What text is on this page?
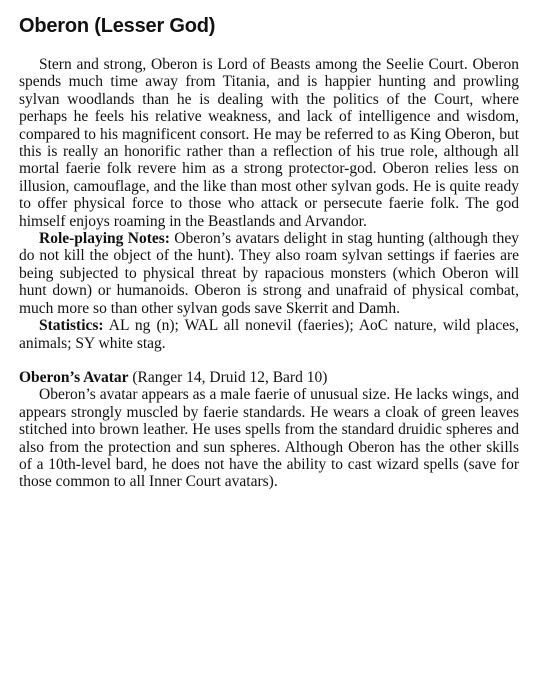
Oberon (Lesser God)

Stern and strong, Oberon is Lord of Beasts among the Seelie Court. Oberon spends much time away from Titania, and is happier hunting and prowling sylvan woodlands than he is dealing with the politics of the Court, where perhaps he feels his relative weakness, and lack of intelligence and wisdom, compared to his magnificent consort. He may be referred to as King Oberon, but this is really an honorific rather than a reflection of his true role, although all mortal faerie folk revere him as a strong protector-god. Oberon relies less on illusion, camouflage, and the like than most other sylvan gods. He is quite ready to offer physical force to those who attack or persecute faerie folk. The god himself enjoys roaming in the Beastlands and Arvandor.

Role-playing Notes: Oberon’s avatars delight in stag hunting (although they do not kill the object of the hunt). They also roam sylvan settings if faeries are being subjected to physical threat by rapacious monsters (which Oberon will hunt down) or humanoids. Oberon is strong and unafraid of physical combat, much more so than other sylvan gods save Skerrit and Damh.

Statistics: AL ng (n); WAL all nonevil (faeries); AoC nature, wild places, animals; SY white stag.

Oberon’s Avatar (Ranger 14, Druid 12, Bard 10)

Oberon’s avatar appears as a male faerie of unusual size. He lacks wings, and appears strongly muscled by faerie standards. He wears a cloak of green leaves stitched into brown leather. He uses spells from the standard druidic spheres and also from the protection and sun spheres. Although Oberon has the other skills of a 10th-level bard, he does not have the ability to cast wizard spells (save for those common to all Inner Court avatars).
